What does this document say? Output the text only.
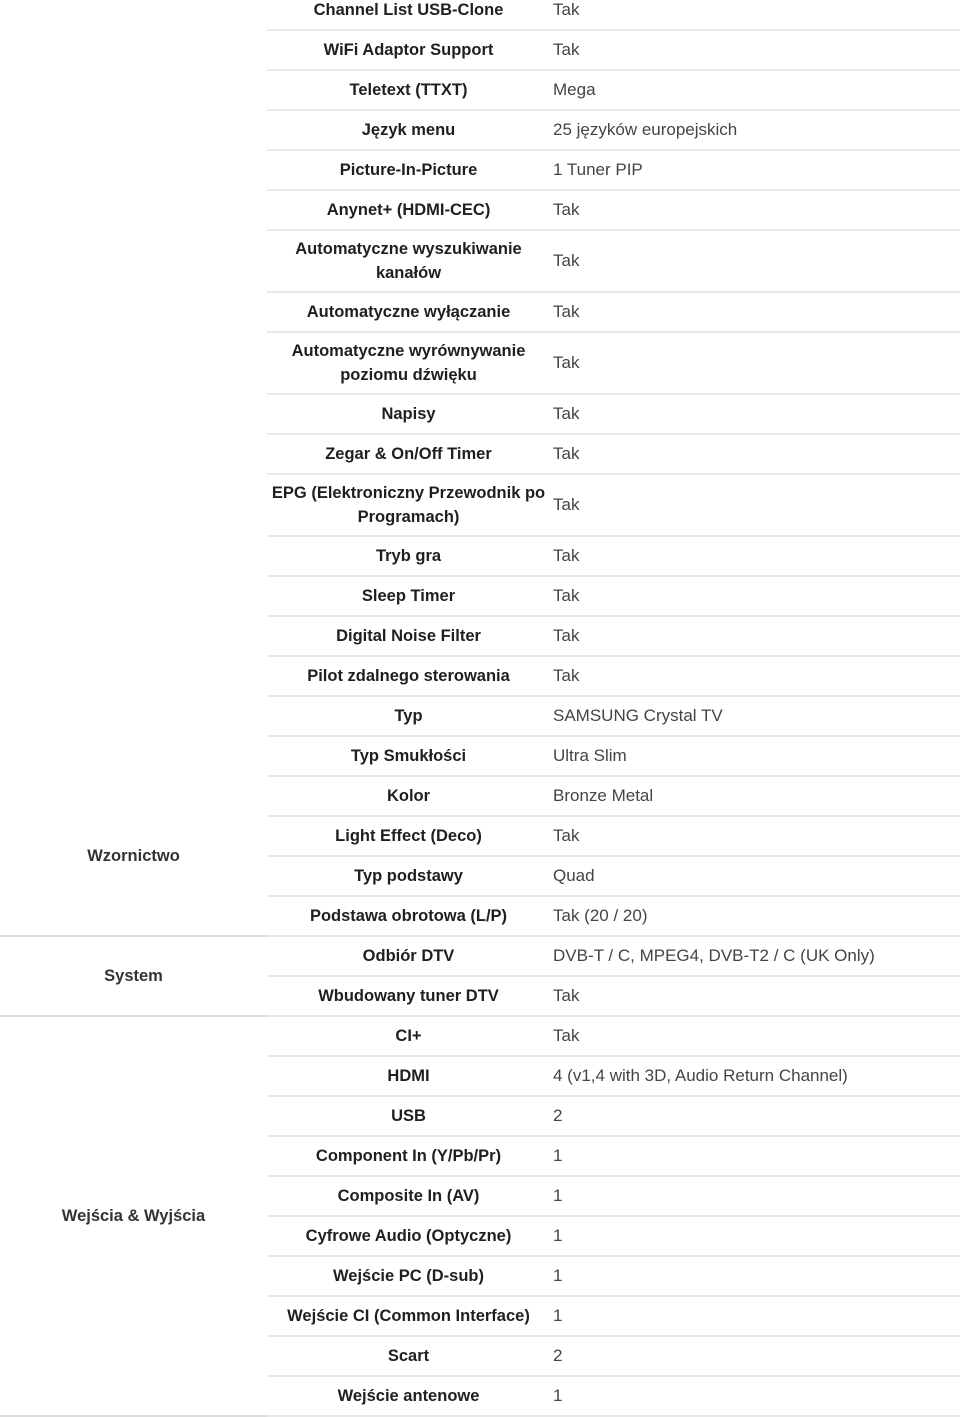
	Channel List USB-Clone	Tak
	WiFi Adaptor Support	Tak
	Teletext (TTXT)	Mega
	Język menu	25 języków europejskich
	Picture-In-Picture	1 Tuner PIP
	Anynet+ (HDMI-CEC)	Tak
	Automatyczne wyszukiwanie kanałów	Tak
	Automatyczne wyłączanie	Tak
	Automatyczne wyrównywanie poziomu dźwięku	Tak
	Napisy	Tak
	Zegar & On/Off Timer	Tak
	EPG (Elektroniczny Przewodnik po Programach)	Tak
	Tryb gra	Tak
	Sleep Timer	Tak
	Digital Noise Filter	Tak
	Pilot zdalnego sterowania	Tak
	Typ	SAMSUNG Crystal TV
	Typ Smukłości	Ultra Slim
Wzornictwo	Kolor	Bronze Metal
	Light Effect (Deco)	Tak
	Typ podstawy	Quad
	Podstawa obrotowa (L/P)	Tak (20 / 20)
System	Odbiór DTV	DVB-T / C, MPEG4, DVB-T2 / C (UK Only)
	Wbudowany tuner DTV	Tak
Wejścia & Wyjścia	CI+	Tak
	HDMI	4 (v1,4 with 3D, Audio Return Channel)
	USB	2
	Component In (Y/Pb/Pr)	1
	Composite In (AV)	1
	Cyfrowe Audio (Optyczne)	1
	Wejście PC (D-sub)	1
	Wejście CI (Common Interface)	1
	Scart	2
	Wejście antenowe	1
